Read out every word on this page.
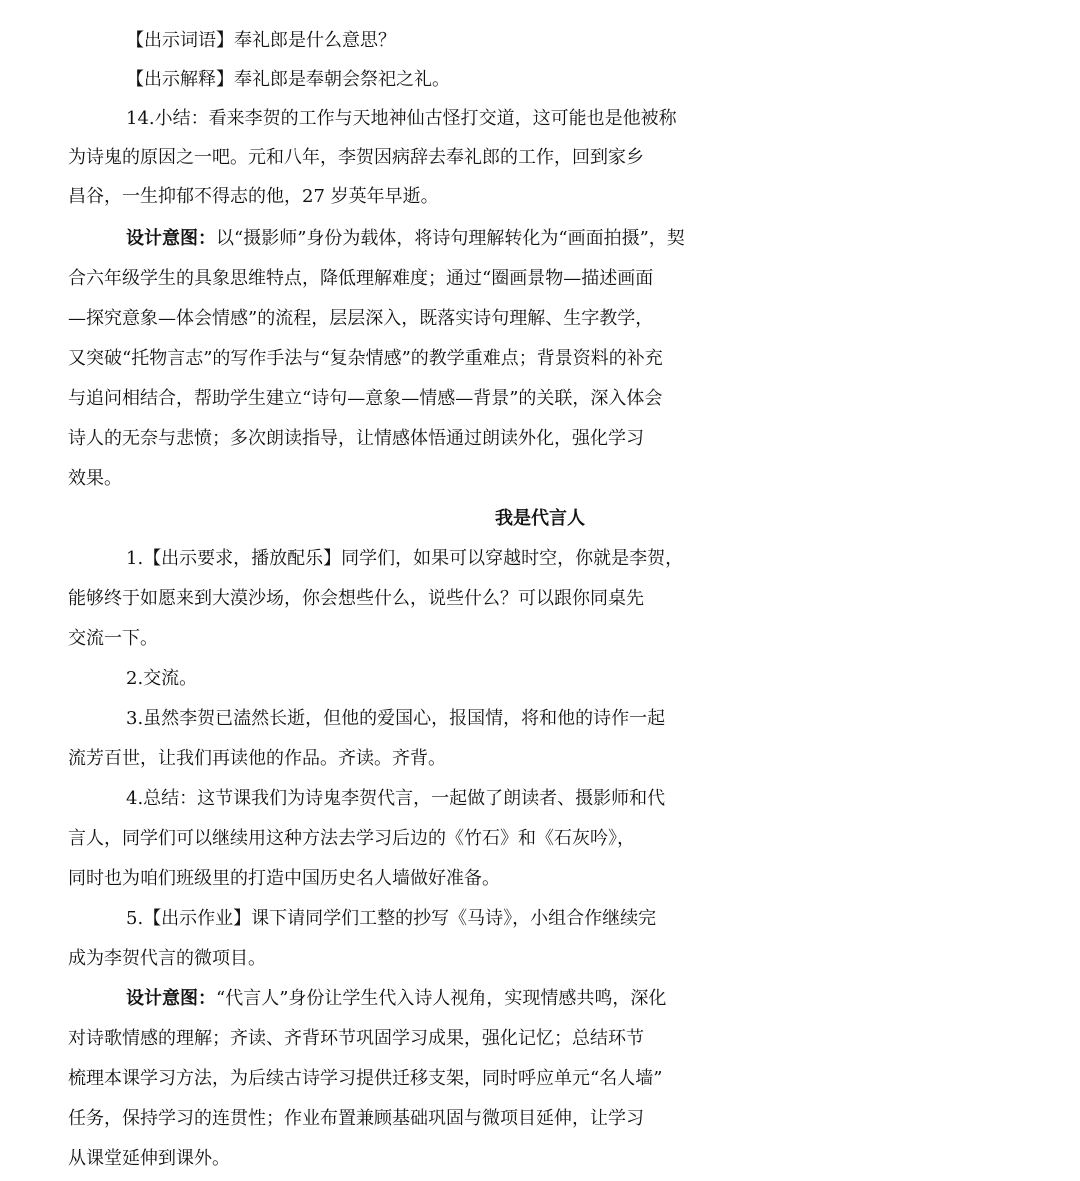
【出示词语】奉礼郎是什么意思？
【出示解释】奉礼郎是奉朝会祭祀之礼。
14.小结：看来李贺的工作与天地神仙古怪打交道，这可能也是他被称
为诗鬼的原因之一吧。元和八年，李贺因病辞去奉礼郎的工作，回到家乡
昌谷，一生抑郁不得志的他，27 岁英年早逝。
设计意图：以“摄影师”身份为载体，将诗句理解转化为“画面拍摄”，契
合六年级学生的具象思维特点，降低理解难度；通过“圈画景物—描述画面
—探究意象—体会情感”的流程，层层深入，既落实诗句理解、生字教学，
又突破“托物言志”的写作手法与“复杂情感”的教学重难点；背景资料的补充
与追问相结合，帮助学生建立“诗句—意象—情感—背景”的关联，深入体会
诗人的无奈与悲愤；多次朗读指导，让情感体悟通过朗读外化，强化学习
效果。
我是代言人
1.【出示要求，播放配乐】同学们，如果可以穿越时空，你就是李贺，
能够终于如愿来到大漠沙场，你会想些什么，说些什么？可以跟你同桌先
交流一下。
2.交流。
3.虽然李贺已溘然长逝，但他的爱国心，报国情，将和他的诗作一起
流芳百世，让我们再读他的作品。齐读。齐背。
4.总结：这节课我们为诗鬼李贺代言，一起做了朗读者、摄影师和代
言人，同学们可以继续用这种方法去学习后边的《竹石》和《石灰吟》，
同时也为咱们班级里的打造中国历史名人墙做好准备。
5.【出示作业】课下请同学们工整的抄写《马诗》，小组合作继续完
成为李贺代言的微项目。
设计意图：“代言人”身份让学生代入诗人视角，实现情感共鸣，深化
对诗歌情感的理解；齐读、齐背环节巩固学习成果，强化记忆；总结环节
梳理本课学习方法，为后续古诗学习提供迁移支架，同时呼应单元“名人墙”
任务，保持学习的连贯性；作业布置兼顾基础巩固与微项目延伸，让学习
从课堂延伸到课外。
